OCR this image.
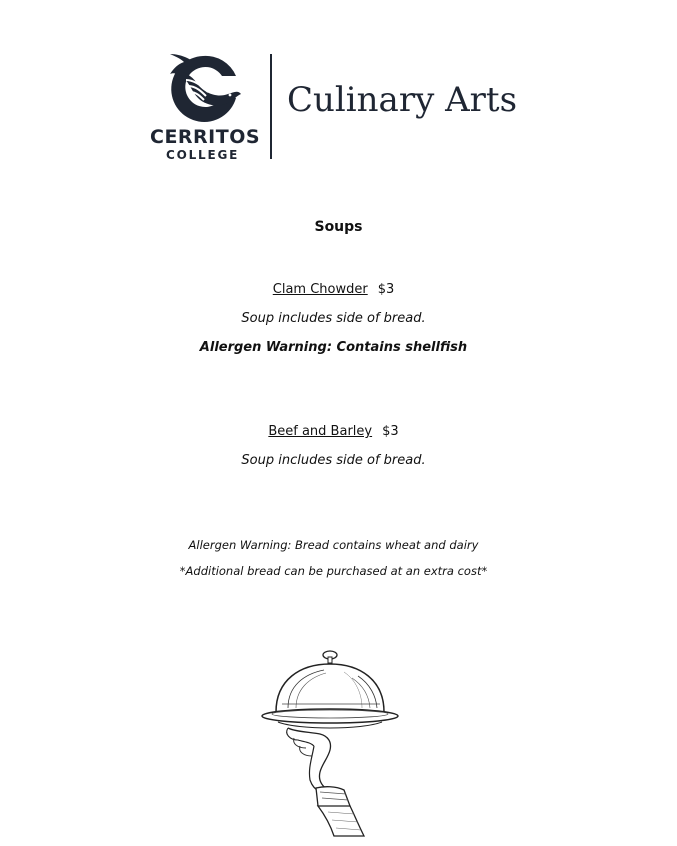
CERRITOS
COLLEGE
Culinary Arts
Soups
Clam Chowder $3
Soup includes side of bread.
Allergen Warning: Contains shellfish
Beef and Barley $3
Soup includes side of bread.
Allergen Warning: Bread contains wheat and dairy
*Additional bread can be purchased at an extra cost*
